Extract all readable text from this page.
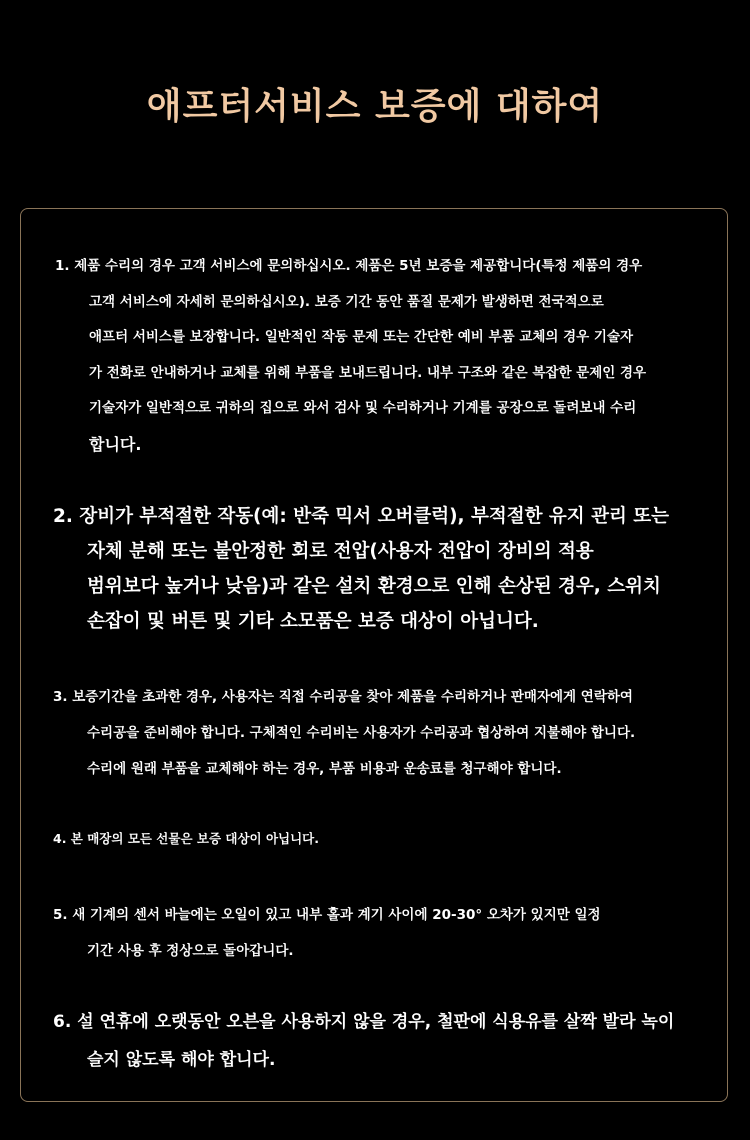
애프터서비스 보증에 대하여
1. 제품 수리의 경우 고객 서비스에 문의하십시오. 제품은 5년 보증을 제공합니다(특정 제품의 경우
고객 서비스에 자세히 문의하십시오). 보증 기간 동안 품질 문제가 발생하면 전국적으로
애프터 서비스를 보장합니다. 일반적인 작동 문제 또는 간단한 예비 부품 교체의 경우 기술자
가 전화로 안내하거나 교체를 위해 부품을 보내드립니다. 내부 구조와 같은 복잡한 문제인 경우
기술자가 일반적으로 귀하의 집으로 와서 검사 및 수리하거나 기계를 공장으로 돌려보내 수리
합니다.
2. 장비가 부적절한 작동(예: 반죽 믹서 오버클럭), 부적절한 유지 관리 또는
자체 분해 또는 불안정한 회로 전압(사용자 전압이 장비의 적용
범위보다 높거나 낮음)과 같은 설치 환경으로 인해 손상된 경우, 스위치
손잡이 및 버튼 및 기타 소모품은 보증 대상이 아닙니다.
3. 보증기간을 초과한 경우, 사용자는 직접 수리공을 찾아 제품을 수리하거나 판매자에게 연락하여
수리공을 준비해야 합니다. 구체적인 수리비는 사용자가 수리공과 협상하여 지불해야 합니다.
수리에 원래 부품을 교체해야 하는 경우, 부품 비용과 운송료를 청구해야 합니다.
4. 본 매장의 모든 선물은 보증 대상이 아닙니다.
5. 새 기계의 센서 바늘에는 오일이 있고 내부 홀과 계기 사이에 20-30° 오차가 있지만 일정
기간 사용 후 정상으로 돌아갑니다.
6. 설 연휴에 오랫동안 오븐을 사용하지 않을 경우, 철판에 식용유를 살짝 발라 녹이
슬지 않도록 해야 합니다.
